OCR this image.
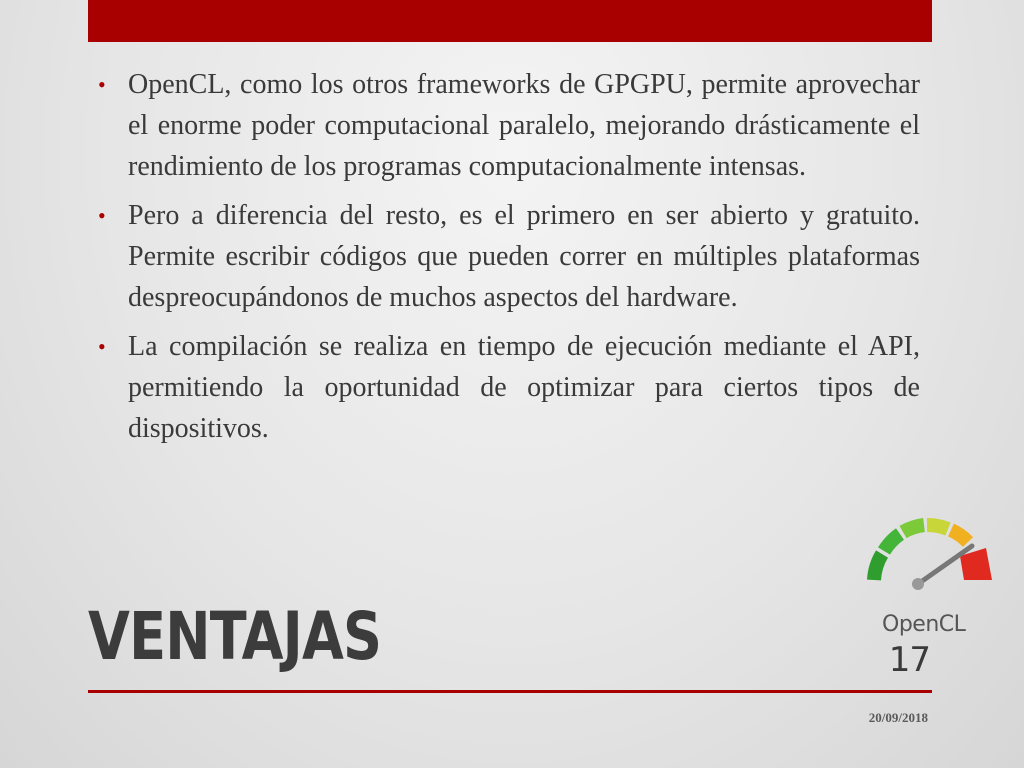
• OpenCL, como los otros frameworks de GPGPU, permite aprovechar el enorme poder computacional paralelo, mejorando drásticamente el rendimiento de los programas computacionalmente intensas.
• Pero a diferencia del resto, es el primero en ser abierto y gratuito. Permite escribir códigos que pueden correr en múltiples plataformas despreocupándonos de muchos aspectos del hardware.
• La compilación se realiza en tiempo de ejecución mediante el API, permitiendo la oportunidad de optimizar para ciertos tipos de dispositivos.
OpenCL
VENTAJAS	17
20/09/2018
